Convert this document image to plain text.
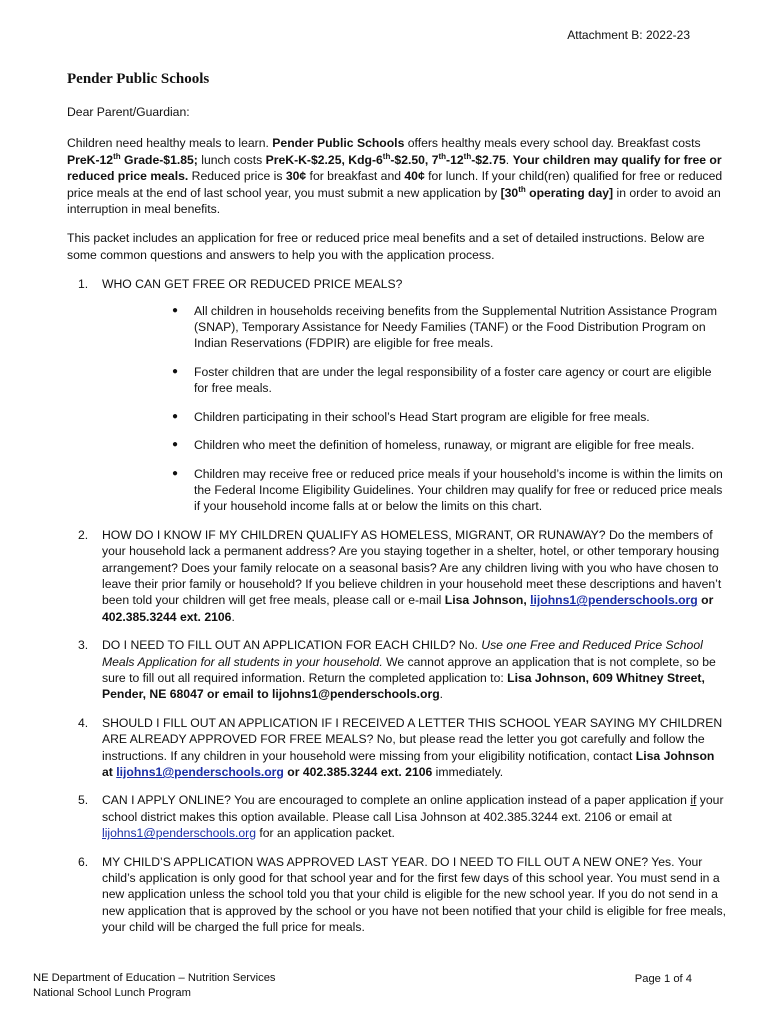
Attachment B: 2022-23
Pender Public Schools

Dear Parent/Guardian:

Children need healthy meals to learn. Pender Public Schools offers healthy meals every school day. Breakfast costs PreK-12th Grade-$1.85; lunch costs PreK-K-$2.25, Kdg-6th-$2.50, 7th-12th-$2.75. Your children may qualify for free or reduced price meals. Reduced price is 30¢ for breakfast and 40¢ for lunch. If your child(ren) qualified for free or reduced price meals at the end of last school year, you must submit a new application by [30th operating day] in order to avoid an interruption in meal benefits.

This packet includes an application for free or reduced price meal benefits and a set of detailed instructions. Below are some common questions and answers to help you with the application process.

1. WHO CAN GET FREE OR REDUCED PRICE MEALS?
● All children in households receiving benefits from the Supplemental Nutrition Assistance Program (SNAP), Temporary Assistance for Needy Families (TANF) or the Food Distribution Program on Indian Reservations (FDPIR) are eligible for free meals.
● Foster children that are under the legal responsibility of a foster care agency or court are eligible for free meals.
● Children participating in their school’s Head Start program are eligible for free meals.
● Children who meet the definition of homeless, runaway, or migrant are eligible for free meals.
● Children may receive free or reduced price meals if your household’s income is within the limits on the Federal Income Eligibility Guidelines. Your children may qualify for free or reduced price meals if your household income falls at or below the limits on this chart.
2. HOW DO I KNOW IF MY CHILDREN QUALIFY AS HOMELESS, MIGRANT, OR RUNAWAY? Do the members of your household lack a permanent address? Are you staying together in a shelter, hotel, or other temporary housing arrangement? Does your family relocate on a seasonal basis? Are any children living with you who have chosen to leave their prior family or household? If you believe children in your household meet these descriptions and haven’t been told your children will get free meals, please call or e-mail Lisa Johnson, lijohns1@penderschools.org or 402.385.3244 ext. 2106.
3. DO I NEED TO FILL OUT AN APPLICATION FOR EACH CHILD? No. Use one Free and Reduced Price School Meals Application for all students in your household. We cannot approve an application that is not complete, so be sure to fill out all required information. Return the completed application to: Lisa Johnson, 609 Whitney Street, Pender, NE 68047 or email to lijohns1@penderschools.org.
4. SHOULD I FILL OUT AN APPLICATION IF I RECEIVED A LETTER THIS SCHOOL YEAR SAYING MY CHILDREN ARE ALREADY APPROVED FOR FREE MEALS? No, but please read the letter you got carefully and follow the instructions. If any children in your household were missing from your eligibility notification, contact Lisa Johnson at lijohns1@penderschools.org or 402.385.3244 ext. 2106 immediately.
5. CAN I APPLY ONLINE? You are encouraged to complete an online application instead of a paper application if your school district makes this option available. Please call Lisa Johnson at 402.385.3244 ext. 2106 or email at lijohns1@penderschools.org for an application packet.
6. MY CHILD’S APPLICATION WAS APPROVED LAST YEAR. DO I NEED TO FILL OUT A NEW ONE? Yes. Your child’s application is only good for that school year and for the first few days of this school year. You must send in a new application unless the school told you that your child is eligible for the new school year. If you do not send in a new application that is approved by the school or you have not been notified that your child is eligible for free meals, your child will be charged the full price for meals.
NE Department of Education – Nutrition Services
National School Lunch Program
Page 1 of 4
